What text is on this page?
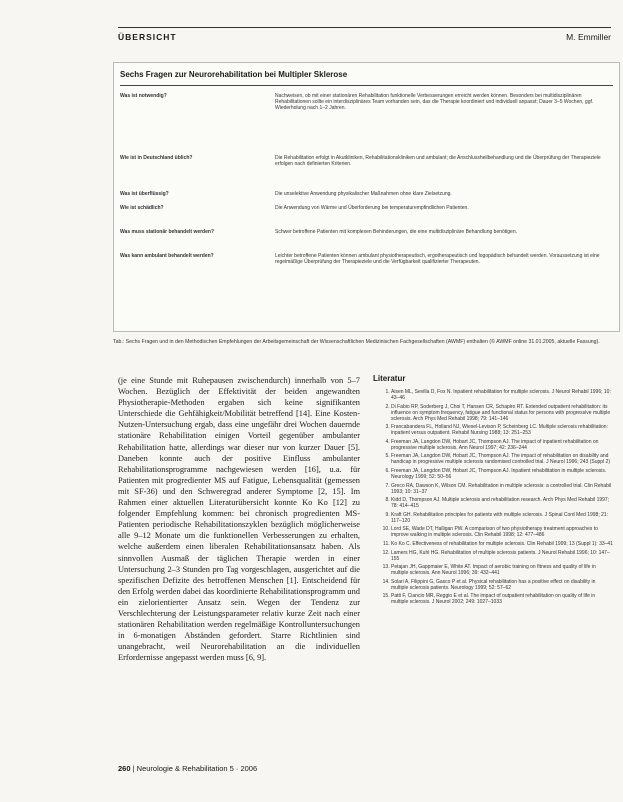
ÜBERSICHT	M. Emmiller
Sechs Fragen zur Neurorehabilitation bei Multipler Sklerose
Was ist notwendig?	Nachweisen, ob mit einer stationären Rehabilitation funktionelle Verbesserungen erreicht werden können. Besonders bei multidisziplinären Rehabilitationen sollte ein interdisziplinäres Team vorhanden sein, das die Therapie koordiniert und individuell anpasst; Dauer 3–5 Wochen, ggf. Wiederholung nach 1–2 Jahren.
Wie ist in Deutschland üblich?	Die Rehabilitation erfolgt in Akutkliniken, Rehabilitationskliniken und ambulant; die Anschlussheilbehandlung und die Überprüfung der Therapieziele erfolgen nach definierten Kriterien.
Was ist überflüssig?	Die unselektive Anwendung physikalischer Maßnahmen ohne klare Zielsetzung.
Wie ist schädlich?	Die Anwendung von Wärme und Überforderung bei temperaturempfindlichen Patienten.
Was muss stationär behandelt werden?	Schwer betroffene Patienten mit komplexen Behinderungen, die eine multidisziplinäre Behandlung benötigen.
Was kann ambulant behandelt werden?	Leichter betroffene Patienten können ambulant physiotherapeutisch, ergotherapeutisch und logopädisch behandelt werden. Voraussetzung ist eine regelmäßige Überprüfung der Therapieziele und die Verfügbarkeit qualifizierter Therapeuten.
Tab.: Sechs Fragen und in den Methodischen Empfehlungen der Arbeitsgemeinschaft der Wissenschaftlichen Medizinischen Fachgesellschaften (AWMF) enthalten (© AWMF online 31.01.2005, aktuelle Fassung).
(je eine Stunde mit Ruhepausen zwischendurch) innerhalb von 5–7 Wochen. Bezüglich der Effektivität der beiden angewandten Physiotherapie-Methoden ergaben sich keine signifikanten Unterschiede die Gehfähigkeit/Mobilität betreffend [14]. Eine Kosten-Nutzen-Untersuchung ergab, dass eine ungefähr drei Wochen dauernde stationäre Rehabilitation einigen Vorteil gegenüber ambulanter Rehabilitation hatte, allerdings war dieser nur von kurzer Dauer [5]. Daneben konnte auch der positive Einfluss ambulanter Rehabilitationsprogramme nachgewiesen werden [16], u.a. für Patienten mit progredienter MS auf Fatigue, Lebensqualität (gemessen mit SF-36) und den Schweregrad anderer Symptome [2, 15]. Im Rahmen einer aktuellen Literaturübersicht konnte Ko Ko [12] zu folgender Empfehlung kommen: bei chronisch progredienten MS-Patienten periodische Rehabilitationszyklen bezüglich möglicherweise alle 9–12 Monate um die funktionellen Verbesserungen zu erhalten, welche außerdem einen liberalen Rehabilitationsansatz haben. Als sinnvollen Ausmaß der täglichen Therapie werden in einer Untersuchung 2–3 Stunden pro Tag vorgeschlagen, ausgerichtet auf die spezifischen Defizite des betroffenen Menschen [1]. Entscheidend für den Erfolg werden dabei das koordinierte Rehabilitationsprogramm und ein zielorientierter Ansatz sein. Wegen der Tendenz zur Verschlechterung der Leistungsparameter relativ kurze Zeit nach einer stationären Rehabilitation werden regelmäßige Kontrolluntersuchungen in 6-monatigen Abständen gefordert. Starre Richtlinien sind unangebracht, weil Neurorehabilitation an die individuellen Erfordernisse angepasst werden muss [6, 9].
Literatur
1. Aisen ML, Sevilla D, Fox N. Inpatient rehabilitation for multiple sclerosis. J Neurol Rehabil 1996; 10: 43–46
2. Di Fabio RP, Soderberg J, Choi T, Hansen CR, Schapiro RT. Extended outpatient rehabilitation: its influence on symptom frequency, fatigue and functional status for persons with progressive multiple sclerosis. Arch Phys Med Rehabil 1998; 79: 141–146
3. Francabandera FL, Holland NJ, Wiesel-Levison P, Scheinberg LC. Multiple sclerosis rehabilitation: inpatient versus outpatient. Rehabil Nursing 1988; 13: 251–253
4. Freeman JA, Langdon DW, Hobart JC, Thompson AJ. The impact of inpatient rehabilitation on progressive multiple sclerosis. Ann Neurol 1997; 42: 236–244
5. Freeman JA, Langdon DW, Hobart JC, Thompson AJ. The impact of rehabilitation on disability and handicap in progressive multiple sclerosis randomised controlled trial. J Neurol 1996; 243 (Suppl 2)
6. Freeman JA, Langdon DW, Hobart JC, Thompson AJ. Inpatient rehabilitation in multiple sclerosis. Neurology 1999; 52: 50–56
7. Greco RA, Dawson K, Wilson CM. Rehabilitation in multiple sclerosis: a controlled trial. Clin Rehabil 1993; 10: 31–37
8. Kidd D, Thompson AJ. Multiple sclerosis and rehabilitation research. Arch Phys Med Rehabil 1997; 78: 414–415
9. Kraft GH. Rehabilitation principles for patients with multiple sclerosis. J Spinal Cord Med 1998; 21: 117–120
10. Lord SE, Wade DT, Halligan PW. A comparison of two physiotherapy treatment approaches to improve walking in multiple sclerosis. Clin Rehabil 1998; 12: 477–486
11. Ko Ko C. Effectiveness of rehabilitation for multiple sclerosis. Clin Rehabil 1999; 13 (Suppl 1): 33–41
12. Lamers HG, Kuhl HG. Rehabilitation of multiple sclerosis patients. J Neurol Rehabil 1996; 10: 147–155
13. Petajan JH, Gappmaier E, White AT. Impact of aerobic training on fitness and quality of life in multiple sclerosis. Ann Neurol 1996; 39: 432–441
14. Solari A, Filippini G, Gasco P et al. Physical rehabilitation has a positive effect on disability in multiple sclerosis patients. Neurology 1999; 52: 57–62
15. Patti F, Ciancio MR, Reggio E et al. The impact of outpatient rehabilitation on quality of life in multiple sclerosis. J Neurol 2002; 249: 1027–1033
260 | Neurologie & Rehabilitation 5 · 2006
